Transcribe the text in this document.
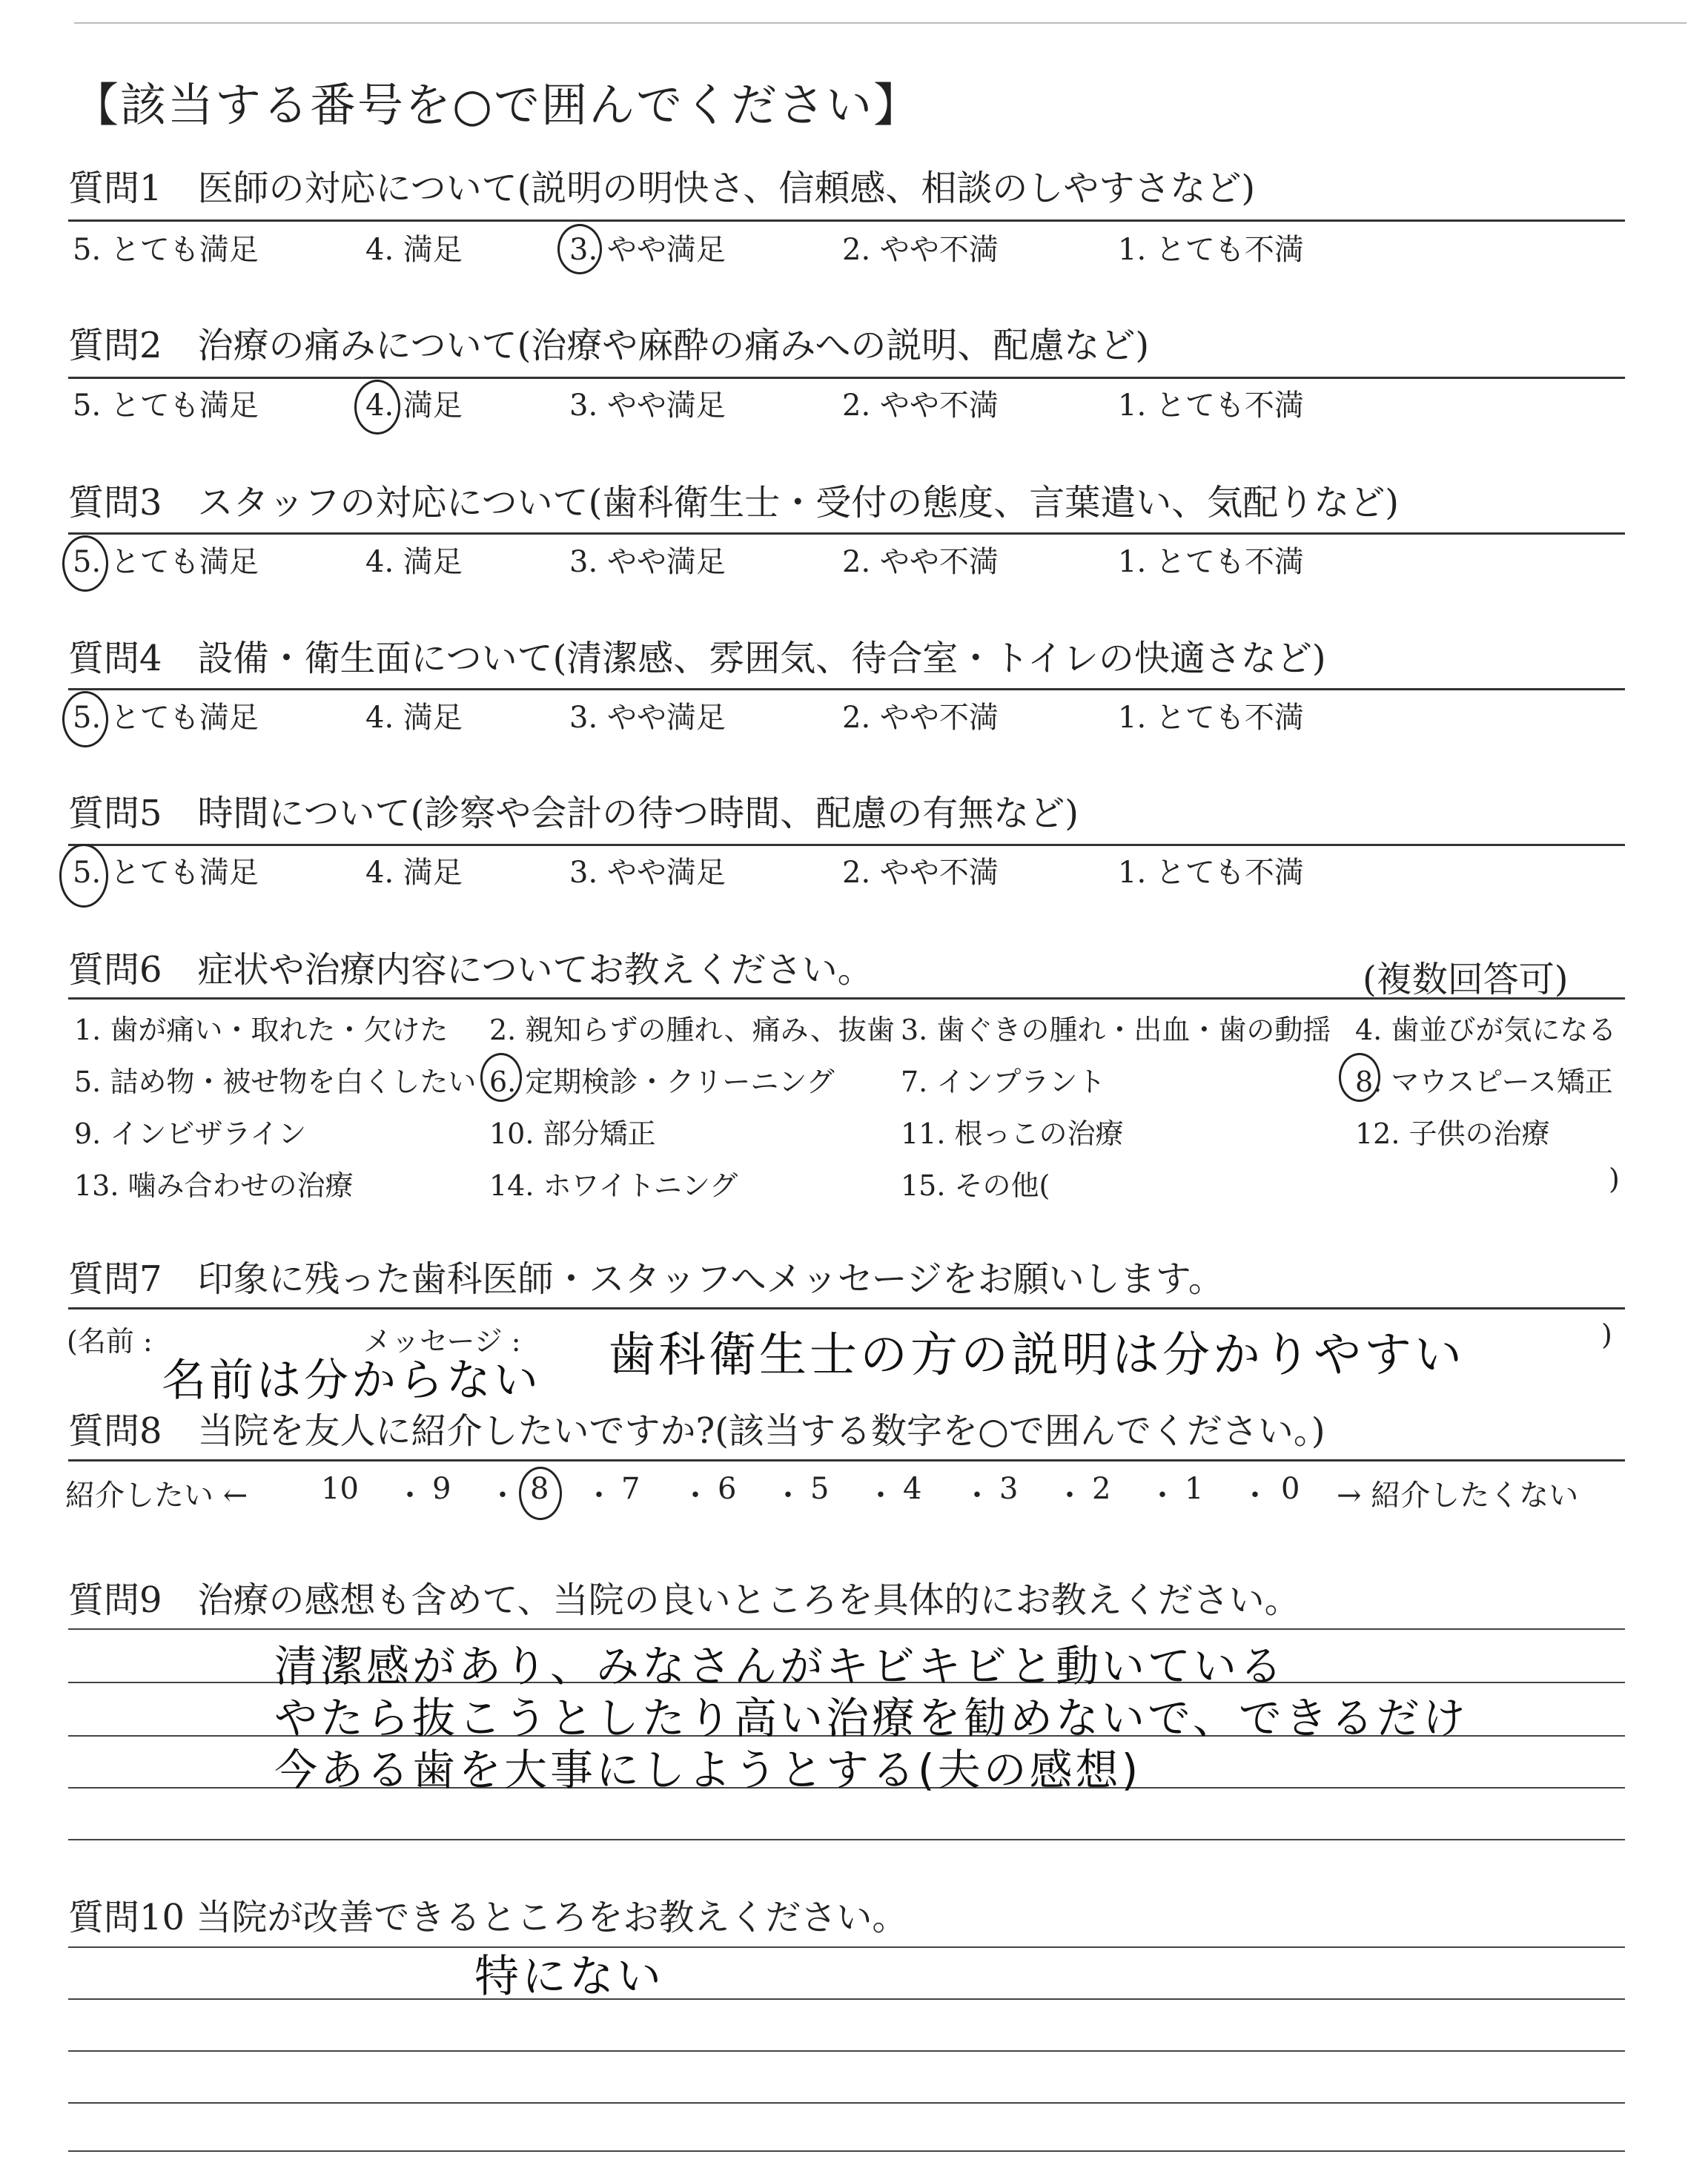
【該当する番号を○で囲んでください】
質問1　医師の対応について(説明の明快さ、信頼感、相談のしやすさなど)
5. とても満足	4. 満足	3. やや満足	2. やや不満	1. とても不満
質問2　治療の痛みについて(治療や麻酔の痛みへの説明、配慮など)
5. とても満足	4. 満足	3. やや満足	2. やや不満	1. とても不満
質問3　スタッフの対応について(歯科衛生士・受付の態度、言葉遣い、気配りなど)
5. とても満足	4. 満足	3. やや満足	2. やや不満	1. とても不満
質問4　設備・衛生面について(清潔感、雰囲気、待合室・トイレの快適さなど)
5. とても満足	4. 満足	3. やや満足	2. やや不満	1. とても不満
質問5　時間について(診察や会計の待つ時間、配慮の有無など)
5. とても満足	4. 満足	3. やや満足	2. やや不満	1. とても不満
質問6　症状や治療内容についてお教えください。	(複数回答可)
1. 歯が痛い・取れた・欠けた 2. 親知らずの腫れ、痛み、抜歯 3. 歯ぐきの腫れ・出血・歯の動揺 4. 歯並びが気になる
5. 詰め物・被せ物を白くしたい 6. 定期検診・クリーニング 7. インプラント	8. マウスピース矯正
9. インビザライン	10. 部分矯正	11. 根っこの治療	12. 子供の治療
13. 噛み合わせの治療	14. ホワイトニング	15. その他(	)
質問7　印象に残った歯科医師・スタッフへメッセージをお願いします。
(名前 :	メッセージ :	)
名前は分からない 歯科衛生士の方の説明は分かりやすい
質問8　当院を友人に紹介したいですか?(該当する数字を○で囲んでください。)
紹介したい ← 10 ・ 9 ・ 8 ・ 7 ・ 6 ・ 5 ・ 4 ・ 3 ・ 2 ・ 1 ・ 0 → 紹介したくない
質問9　治療の感想も含めて、当院の良いところを具体的にお教えください。
清潔感があり、みなさんがキビキビと動いている
やたら抜こうとしたり高い治療を勧めないで、できるだけ
今ある歯を大事にしようとする(夫の感想)
質問10 当院が改善できるところをお教えください。
特にない
